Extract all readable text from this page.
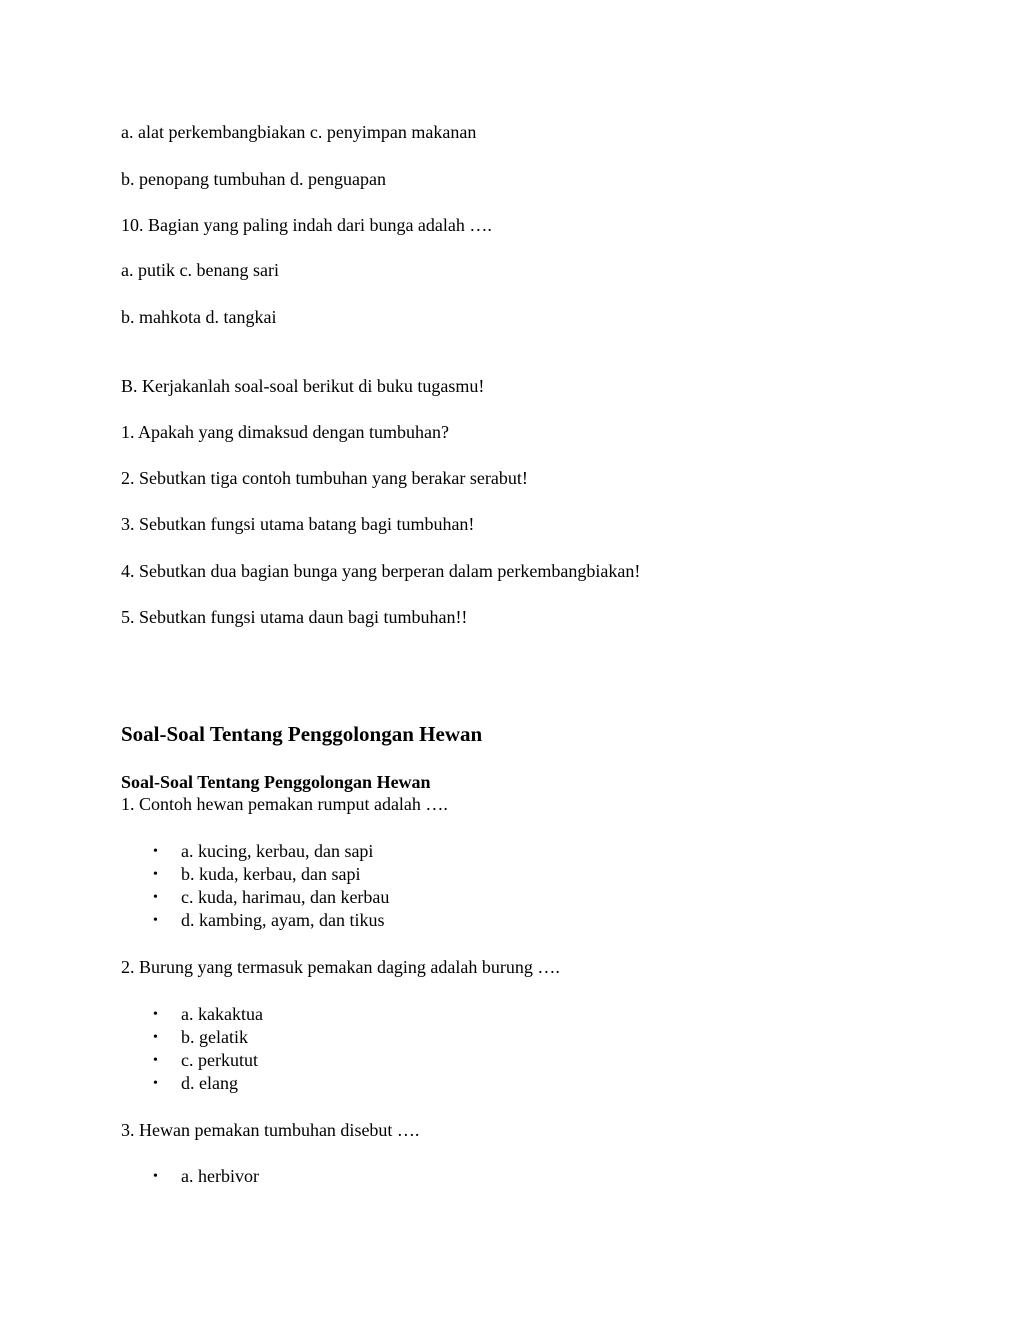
a. alat perkembangbiakan c. penyimpan makanan
b. penopang tumbuhan d. penguapan
10. Bagian yang paling indah dari bunga adalah ….
a. putik c. benang sari
b. mahkota d. tangkai
B. Kerjakanlah soal-soal berikut di buku tugasmu!
1. Apakah yang dimaksud dengan tumbuhan?
2. Sebutkan tiga contoh tumbuhan yang berakar serabut!
3. Sebutkan fungsi utama batang bagi tumbuhan!
4. Sebutkan dua bagian bunga yang berperan dalam perkembangbiakan!
5. Sebutkan fungsi utama daun bagi tumbuhan!!
Soal-Soal Tentang Penggolongan Hewan
Soal-Soal Tentang Penggolongan Hewan
1. Contoh hewan pemakan rumput adalah ….
• a. kucing, kerbau, dan sapi
• b. kuda, kerbau, dan sapi
• c. kuda, harimau, dan kerbau
• d. kambing, ayam, dan tikus
2. Burung yang termasuk pemakan daging adalah burung ….
• a. kakaktua
• b. gelatik
• c. perkutut
• d. elang
3. Hewan pemakan tumbuhan disebut ….
• a. herbivor
